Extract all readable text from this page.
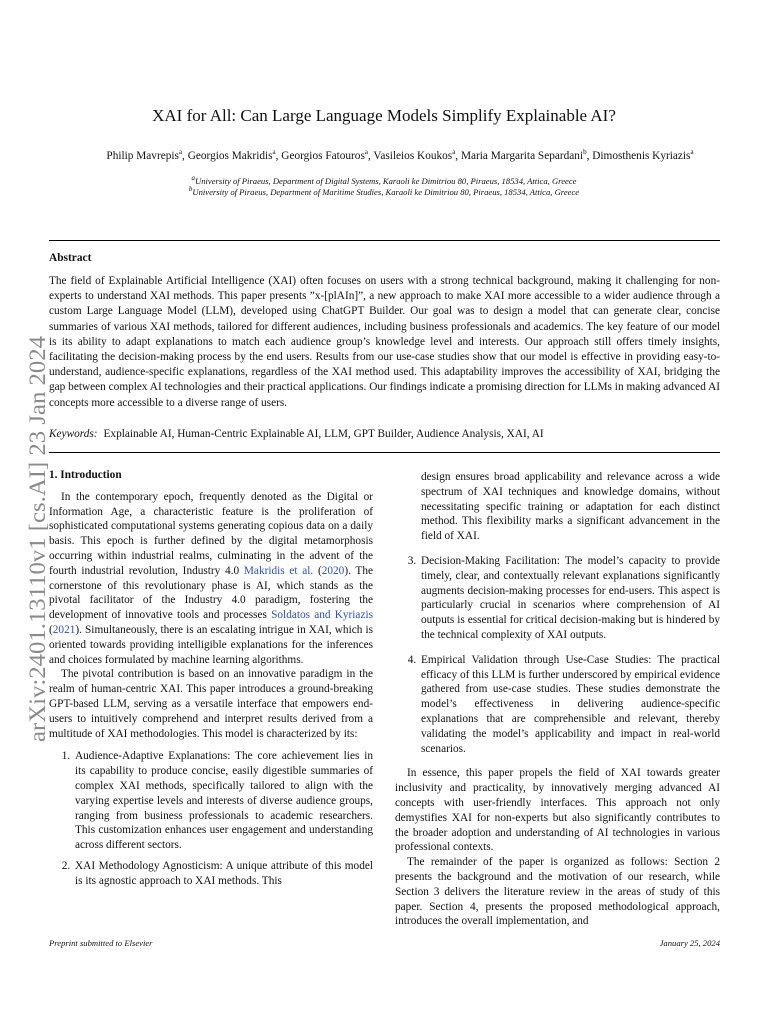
arXiv:2401.13110v1 [cs.AI] 23 Jan 2024
XAI for All: Can Large Language Models Simplify Explainable AI?
Philip Mavrepis$^a$, Georgios Makridis$^a$, Georgios Fatouros$^a$, Vasileios Koukos$^a$, Maria Margarita Separdani$^b$, Dimosthenis Kyriazis$^a$
$^a$University of Piraeus, Department of Digital Systems, Karaoli ke Dimitriou 80, Piraeus, 18534, Attica, Greece
$^b$University of Piraeus, Department of Maritime Studies, Karaoli ke Dimitriou 80, Piraeus, 18534, Attica, Greece
Abstract
The field of Explainable Artificial Intelligence (XAI) often focuses on users with a strong technical background, making it challenging for non-experts to understand XAI methods. This paper presents ”x-[plAIn]”, a new approach to make XAI more accessible to a wider audience through a custom Large Language Model (LLM), developed using ChatGPT Builder. Our goal was to design a model that can generate clear, concise summaries of various XAI methods, tailored for different audiences, including business professionals and academics. The key feature of our model is its ability to adapt explanations to match each audience group’s knowledge level and interests. Our approach still offers timely insights, facilitating the decision-making process by the end users. Results from our use-case studies show that our model is effective in providing easy-to-understand, audience-specific explanations, regardless of the XAI method used. This adaptability improves the accessibility of XAI, bridging the gap between complex AI technologies and their practical applications. Our findings indicate a promising direction for LLMs in making advanced AI concepts more accessible to a diverse range of users.
Keywords: Explainable AI, Human-Centric Explainable AI, LLM, GPT Builder, Audience Analysis, XAI, AI
1. Introduction

In the contemporary epoch, frequently denoted as the Digital or Information Age, a characteristic feature is the proliferation of sophisticated computational systems generating copious data on a daily basis. This epoch is further defined by the digital metamorphosis occurring within industrial realms, culminating in the advent of the fourth industrial revolution, Industry 4.0 Makridis et al. (2020). The cornerstone of this revolutionary phase is AI, which stands as the pivotal facilitator of the Industry 4.0 paradigm, fostering the development of innovative tools and processes Soldatos and Kyriazis (2021). Simultaneously, there is an escalating intrigue in XAI, which is oriented towards providing intelligible explanations for the inferences and choices formulated by machine learning algorithms.

The pivotal contribution is based on an innovative paradigm in the realm of human-centric XAI. This paper introduces a ground-breaking GPT-based LLM, serving as a versatile interface that empowers end-users to intuitively comprehend and interpret results derived from a multitude of XAI methodologies. This model is characterized by its:

1. Audience-Adaptive Explanations: The core achievement lies in its capability to produce concise, easily digestible summaries of complex XAI methods, specifically tailored to align with the varying expertise levels and interests of diverse audience groups, ranging from business professionals to academic researchers. This customization enhances user engagement and understanding across different sectors.
2. XAI Methodology Agnosticism: A unique attribute of this model is its agnostic approach to XAI methods. This

design ensures broad applicability and relevance across a wide spectrum of XAI techniques and knowledge domains, without necessitating specific training or adaptation for each distinct method. This flexibility marks a significant advancement in the field of XAI.

3. Decision-Making Facilitation: The model’s capacity to provide timely, clear, and contextually relevant explanations significantly augments decision-making processes for end-users. This aspect is particularly crucial in scenarios where comprehension of AI outputs is essential for critical decision-making but is hindered by the technical complexity of XAI outputs.
4. Empirical Validation through Use-Case Studies: The practical efficacy of this LLM is further underscored by empirical evidence gathered from use-case studies. These studies demonstrate the model’s effectiveness in delivering audience-specific explanations that are comprehensible and relevant, thereby validating the model’s applicability and impact in real-world scenarios.

In essence, this paper propels the field of XAI towards greater inclusivity and practicality, by innovatively merging advanced AI concepts with user-friendly interfaces. This approach not only demystifies XAI for non-experts but also significantly contributes to the broader adoption and understanding of AI technologies in various professional contexts.

The remainder of the paper is organized as follows: Section 2 presents the background and the motivation of our research, while Section 3 delivers the literature review in the areas of study of this paper. Section 4, presents the proposed methodological approach, introduces the overall implementation, and

Preprint submitted to Elsevier	January 25, 2024
